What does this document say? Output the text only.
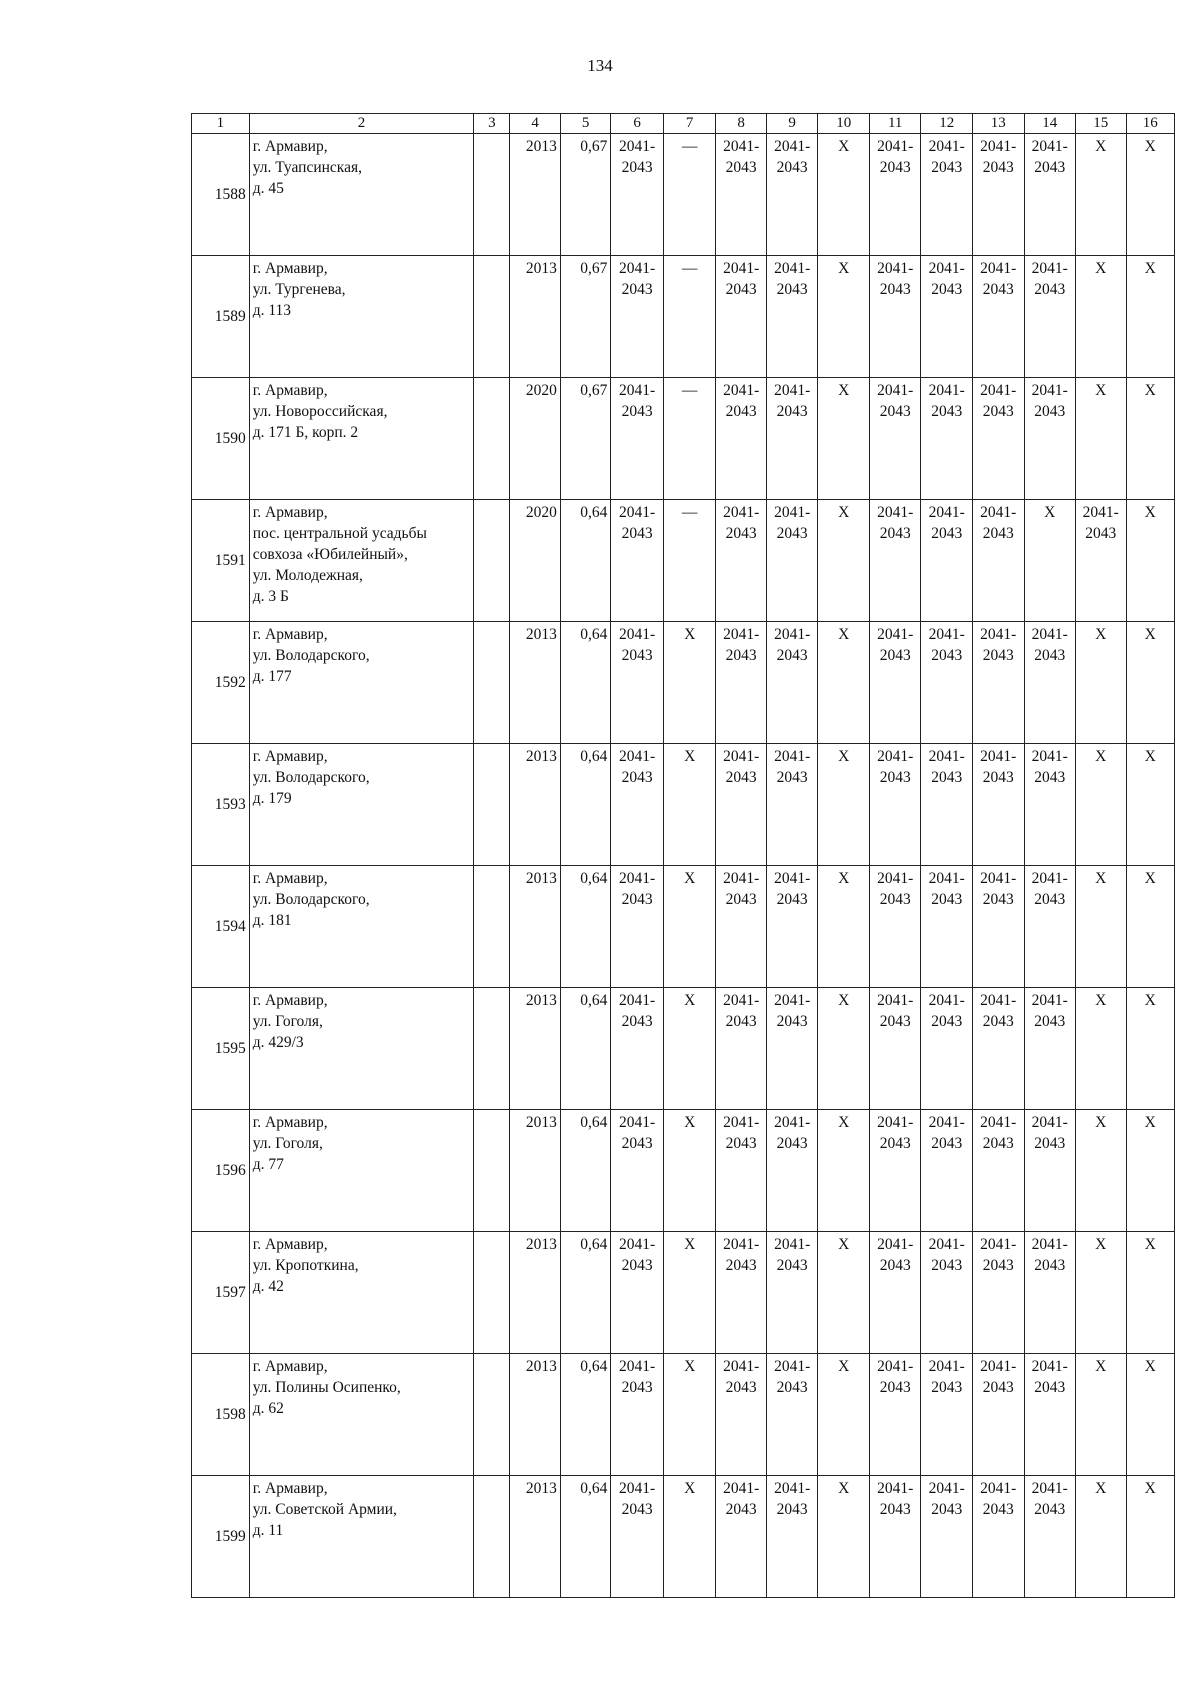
134
1	2	3	4	5	6	7	8	9	10	11	12	13	14	15	16
1588	г. Армавир,
ул. Туапсинская,
д. 45		2013	0,67	2041-
2043	—	2041-
2043	2041-
2043	Х	2041-
2043	2041-
2043	2041-
2043	2041-
2043	Х	Х
1589	г. Армавир,
ул. Тургенева,
д. 113		2013	0,67	2041-
2043	—	2041-
2043	2041-
2043	Х	2041-
2043	2041-
2043	2041-
2043	2041-
2043	Х	Х
1590	г. Армавир,
ул. Новороссийская,
д. 171 Б, корп. 2		2020	0,67	2041-
2043	—	2041-
2043	2041-
2043	Х	2041-
2043	2041-
2043	2041-
2043	2041-
2043	Х	Х
1591	г. Армавир,
пос. центральной усадьбы
совхоза «Юбилейный»,
ул. Молодежная,
д. 3 Б		2020	0,64	2041-
2043	—	2041-
2043	2041-
2043	Х	2041-
2043	2041-
2043	2041-
2043	Х	2041-
2043	Х
1592	г. Армавир,
ул. Володарского,
д. 177		2013	0,64	2041-
2043	Х	2041-
2043	2041-
2043	Х	2041-
2043	2041-
2043	2041-
2043	2041-
2043	Х	Х
1593	г. Армавир,
ул. Володарского,
д. 179		2013	0,64	2041-
2043	Х	2041-
2043	2041-
2043	Х	2041-
2043	2041-
2043	2041-
2043	2041-
2043	Х	Х
1594	г. Армавир,
ул. Володарского,
д. 181		2013	0,64	2041-
2043	Х	2041-
2043	2041-
2043	Х	2041-
2043	2041-
2043	2041-
2043	2041-
2043	Х	Х
1595	г. Армавир,
ул. Гоголя,
д. 429/3		2013	0,64	2041-
2043	Х	2041-
2043	2041-
2043	Х	2041-
2043	2041-
2043	2041-
2043	2041-
2043	Х	Х
1596	г. Армавир,
ул. Гоголя,
д. 77		2013	0,64	2041-
2043	Х	2041-
2043	2041-
2043	Х	2041-
2043	2041-
2043	2041-
2043	2041-
2043	Х	Х
1597	г. Армавир,
ул. Кропоткина,
д. 42		2013	0,64	2041-
2043	Х	2041-
2043	2041-
2043	Х	2041-
2043	2041-
2043	2041-
2043	2041-
2043	Х	Х
1598	г. Армавир,
ул. Полины Осипенко,
д. 62		2013	0,64	2041-
2043	Х	2041-
2043	2041-
2043	Х	2041-
2043	2041-
2043	2041-
2043	2041-
2043	Х	Х
1599	г. Армавир,
ул. Советской Армии,
д. 11		2013	0,64	2041-
2043	Х	2041-
2043	2041-
2043	Х	2041-
2043	2041-
2043	2041-
2043	2041-
2043	Х	Х
